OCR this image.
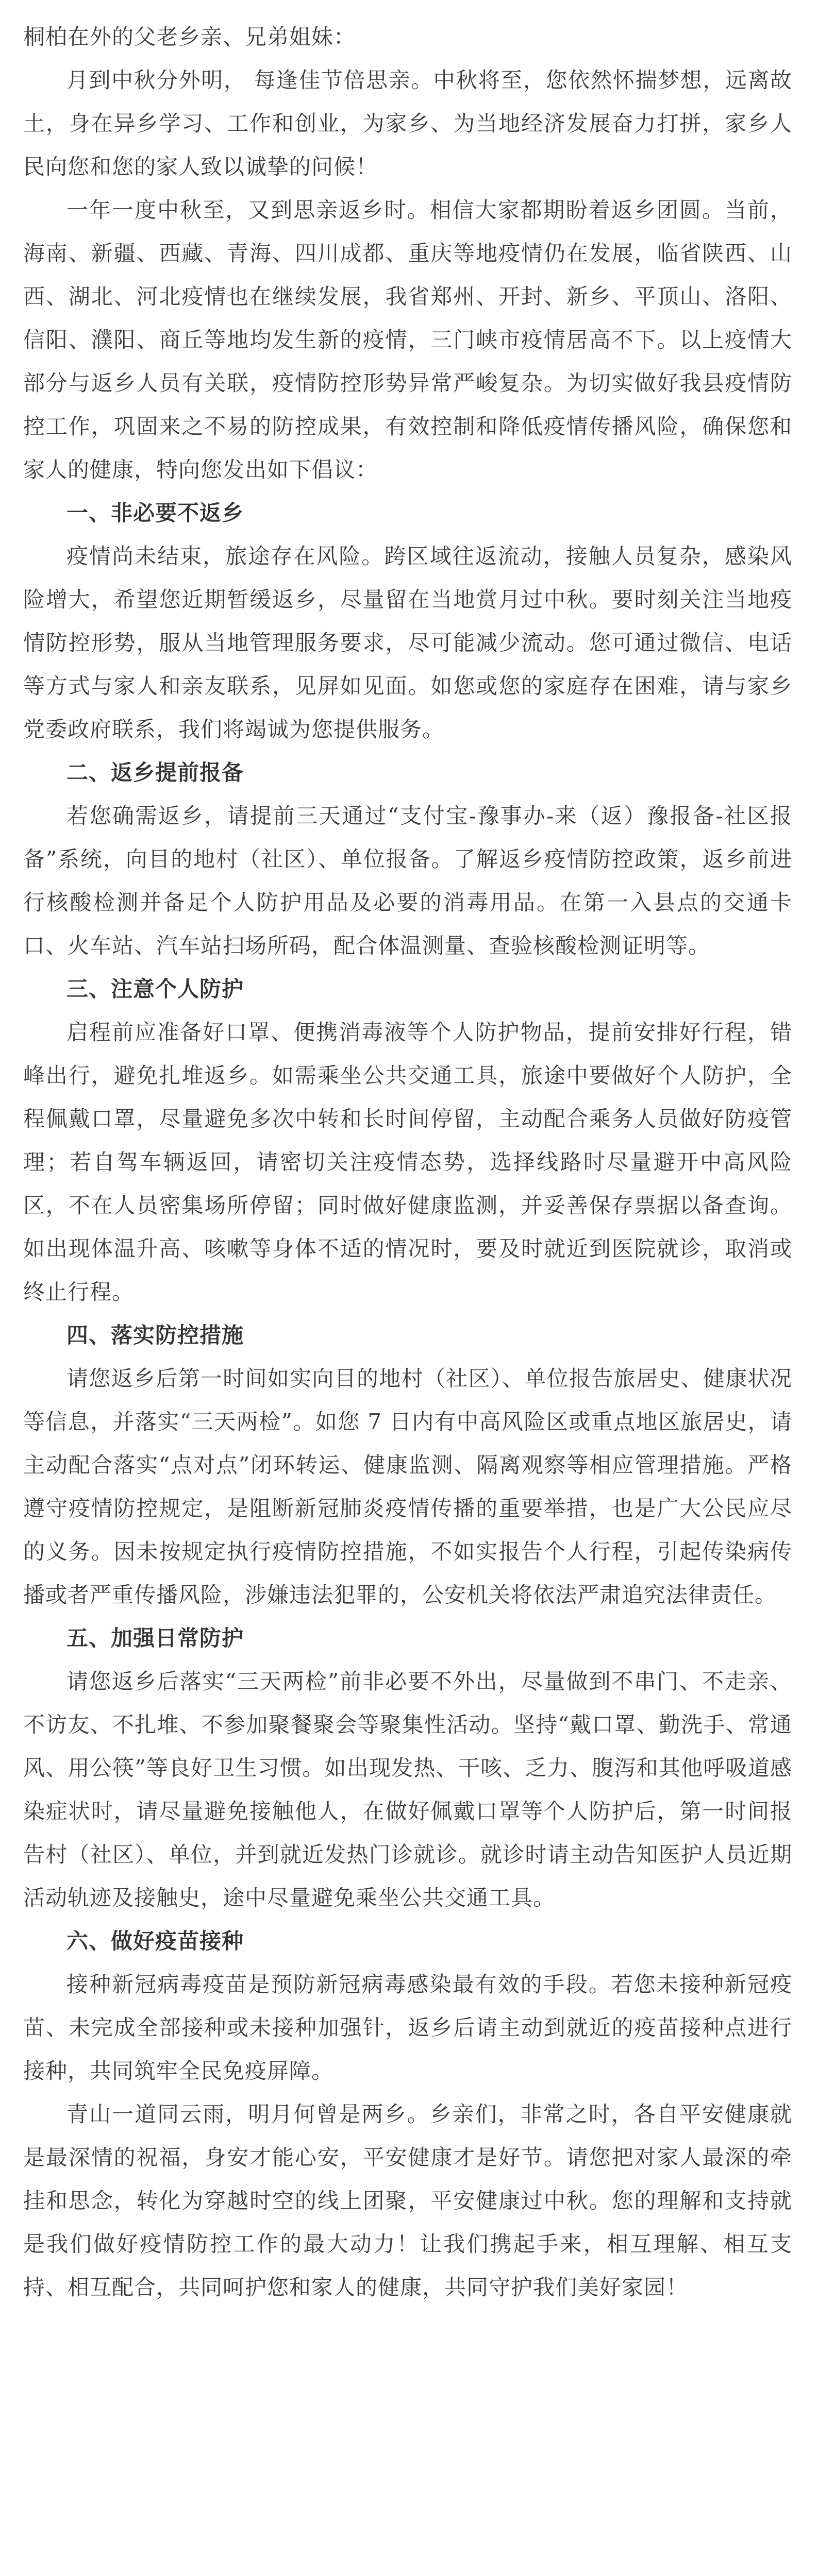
桐柏在外的父老乡亲、兄弟姐妹：

月到中秋分外明， 每逢佳节倍思亲。中秋将至，您依然怀揣梦想，远离故土，身在异乡学习、工作和创业，为家乡、为当地经济发展奋力打拼，家乡人民向您和您的家人致以诚挚的问候！

一年一度中秋至，又到思亲返乡时。相信大家都期盼着返乡团圆。当前，海南、新疆、西藏、青海、四川成都、重庆等地疫情仍在发展，临省陕西、山西、湖北、河北疫情也在继续发展，我省郑州、开封、新乡、平顶山、洛阳、信阳、濮阳、商丘等地均发生新的疫情，三门峡市疫情居高不下。以上疫情大部分与返乡人员有关联，疫情防控形势异常严峻复杂。为切实做好我县疫情防控工作，巩固来之不易的防控成果，有效控制和降低疫情传播风险，确保您和家人的健康，特向您发出如下倡议：

一、非必要不返乡

疫情尚未结束，旅途存在风险。跨区域往返流动，接触人员复杂，感染风险增大，希望您近期暂缓返乡，尽量留在当地赏月过中秋。要时刻关注当地疫情防控形势，服从当地管理服务要求，尽可能减少流动。您可通过微信、电话等方式与家人和亲友联系，见屏如见面。如您或您的家庭存在困难，请与家乡党委政府联系，我们将竭诚为您提供服务。

二、返乡提前报备

若您确需返乡，请提前三天通过“支付宝-豫事办-来（返）豫报备-社区报备”系统，向目的地村（社区）、单位报备。了解返乡疫情防控政策，返乡前进行核酸检测并备足个人防护用品及必要的消毒用品。在第一入县点的交通卡口、火车站、汽车站扫场所码，配合体温测量、查验核酸检测证明等。

三、注意个人防护

启程前应准备好口罩、便携消毒液等个人防护物品，提前安排好行程，错峰出行，避免扎堆返乡。如需乘坐公共交通工具，旅途中要做好个人防护，全程佩戴口罩，尽量避免多次中转和长时间停留，主动配合乘务人员做好防疫管理；若自驾车辆返回，请密切关注疫情态势，选择线路时尽量避开中高风险区，不在人员密集场所停留；同时做好健康监测，并妥善保存票据以备查询。如出现体温升高、咳嗽等身体不适的情况时，要及时就近到医院就诊，取消或终止行程。

四、落实防控措施

请您返乡后第一时间如实向目的地村（社区）、单位报告旅居史、健康状况等信息，并落实“三天两检”。如您 7 日内有中高风险区或重点地区旅居史，请主动配合落实“点对点”闭环转运、健康监测、隔离观察等相应管理措施。严格遵守疫情防控规定，是阻断新冠肺炎疫情传播的重要举措，也是广大公民应尽的义务。因未按规定执行疫情防控措施，不如实报告个人行程，引起传染病传播或者严重传播风险，涉嫌违法犯罪的，公安机关将依法严肃追究法律责任。

五、加强日常防护

请您返乡后落实“三天两检”前非必要不外出，尽量做到不串门、不走亲、不访友、不扎堆、不参加聚餐聚会等聚集性活动。坚持“戴口罩、勤洗手、常通风、用公筷”等良好卫生习惯。如出现发热、干咳、乏力、腹泻和其他呼吸道感染症状时，请尽量避免接触他人，在做好佩戴口罩等个人防护后，第一时间报告村（社区）、单位，并到就近发热门诊就诊。就诊时请主动告知医护人员近期活动轨迹及接触史，途中尽量避免乘坐公共交通工具。

六、做好疫苗接种

接种新冠病毒疫苗是预防新冠病毒感染最有效的手段。若您未接种新冠疫苗、未完成全部接种或未接种加强针，返乡后请主动到就近的疫苗接种点进行接种，共同筑牢全民免疫屏障。

青山一道同云雨，明月何曾是两乡。乡亲们，非常之时，各自平安健康就是最深情的祝福，身安才能心安，平安健康才是好节。请您把对家人最深的牵挂和思念，转化为穿越时空的线上团聚，平安健康过中秋。您的理解和支持就是我们做好疫情防控工作的最大动力！让我们携起手来，相互理解、相互支持、相互配合，共同呵护您和家人的健康，共同守护我们美好家园！
